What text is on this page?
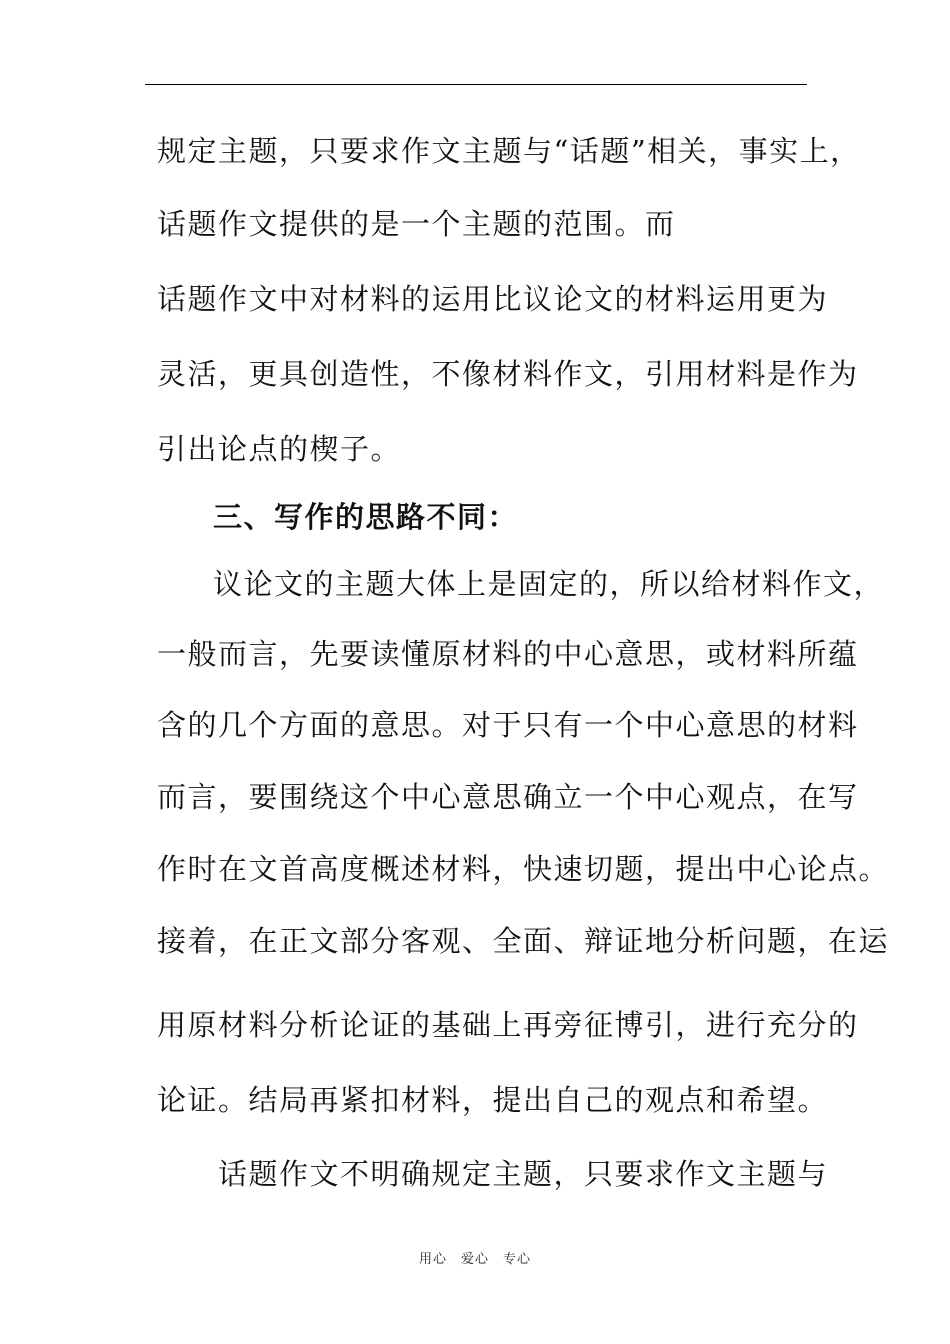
规定主题，只要求作文主题与“话题”相关，事实上，
话题作文提供的是一个主题的范围。而
话题作文中对材料的运用比议论文的材料运用更为
灵活，更具创造性，不像材料作文，引用材料是作为
引出论点的楔子。
三、写作的思路不同：
议论文的主题大体上是固定的，所以给材料作文，
一般而言，先要读懂原材料的中心意思，或材料所蕴
含的几个方面的意思。对于只有一个中心意思的材料
而言，要围绕这个中心意思确立一个中心观点，在写
作时在文首高度概述材料，快速切题，提出中心论点。
接着，在正文部分客观、全面、辩证地分析问题，在运
用原材料分析论证的基础上再旁征博引，进行充分的
论证。结局再紧扣材料，提出自己的观点和希望。
话题作文不明确规定主题，只要求作文主题与
用心　爱心　专心
